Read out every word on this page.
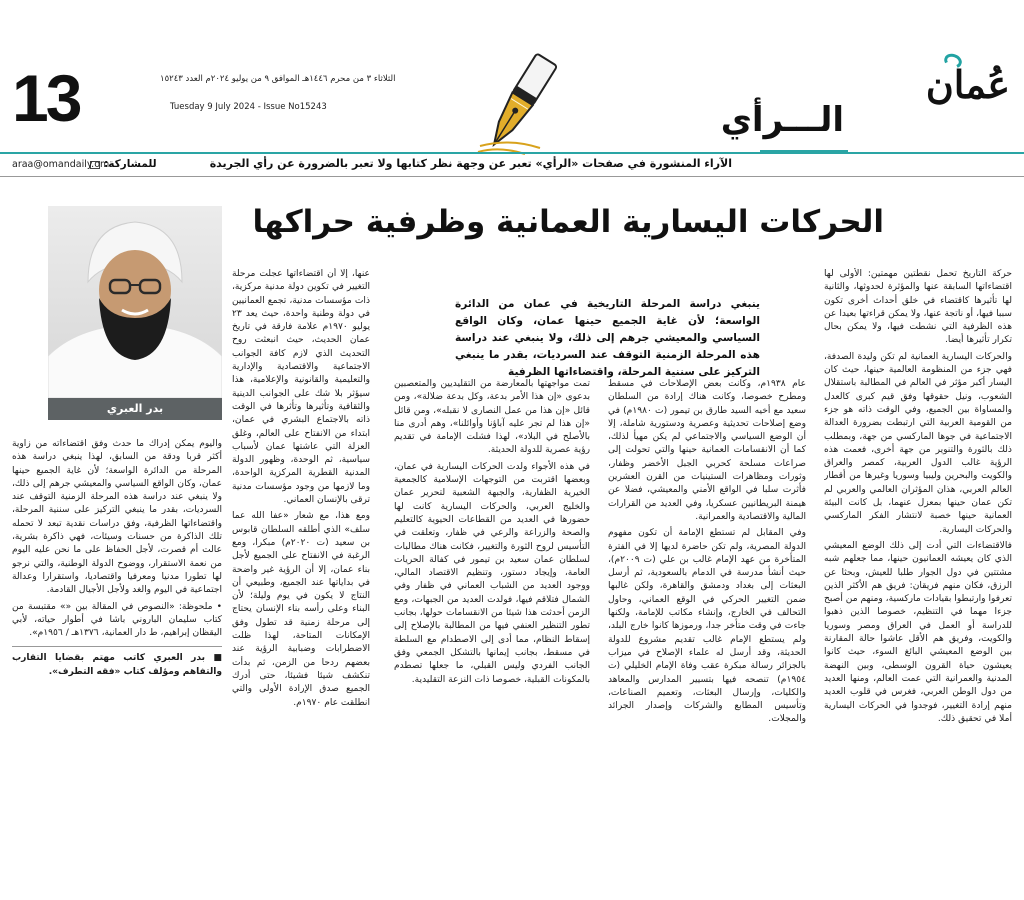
عُمان
الـــرأي
الثلاثاء ٣ من محرم ١٤٤٦هـ الموافق ٩ من يوليو ٢٠٢٤م العدد ١٥٢٤٣
Tuesday 9 July 2024 - Issue No15243
13
الآراء المنشورة في صفحات «الرأي» تعبر عن وجهة نظر كتابها ولا تعبر بالضرورة عن رأي الجريدة
للمشاركة:
araa@omandaily.om
الحركات اليسارية العمانية وظرفية حراكها
بدر العبري
ينبغي دراسة المرحلة التاريخية في عمان من الدائرة الواسعة؛ لأن غاية الجميع حينها عمان، وكان الواقع السياسي والمعيشي جرهم إلى ذلك، ولا ينبغي عند دراسة هذه المرحلة الزمنية التوقف عند السرديات، بقدر ما ينبغي التركيز على سننية المرحلة، واقتضاءاتها الظرفية

حركة التاريخ تحمل نقطتين مهمتين: الأولى لها اقتضاءاتها السابقة عنها والمؤثرة لحدوثها، والثانية لها تأثيرها كاقتضاء في خلق أحداث أخرى تكون سببا فيها، أو ناتجة عنها، ولا يمكن قراءتها بعيدا عن هذه الظرفية التي نشطت فيها، ولا يمكن بحال تكرار تأثيرها أيضا.

والحركات اليسارية العمانية لم تكن وليدة الصدفة، فهي جزء من المنظومة العالمية حينها، حيث كان اليسار أكبر مؤثر في العالم في المطالبة باستقلال الشعوب، ونيل حقوقها وفق قيم كبرى كالعدل والمساواة بين الجميع، وفي الوقت ذاته هو جزء من القومية العربية التي ارتبطت بضرورة العدالة الاجتماعية في جوها الماركسي من جهة، وبمطلب ذلك بالثورة والتنوير من جهة أخرى، فعمت هذه الرؤية غالب الدول العربية، كمصر والعراق والكويت والبحرين وليبيا وسوريا وغيرها من أقطار العالم العربي، هذان المؤثران العالمي والعربي لم تكن عمان حينها بمعزل عنهما، بل كانت البيئة العمانية حينها خصبة لانتشار الفكر الماركسي والحركات اليسارية.

فالاقتضاءات التي أدت إلى ذلك الوضع المعيشي الذي كان يعيشه العمانيون حينها، مما جعلهم شبه مشتتين في دول الجوار طلبا للعيش، وبحثا عن الرزق، فكان منهم فريقان: فريق هم الأكثر الذين تعرفوا وارتبطوا بقيادات ماركسية، ومنهم من أصبح جزءا مهما في التنظيم، خصوصا الذين ذهبوا للدراسة أو العمل في العراق ومصر وسوريا والكويت، وفريق هم الأقل عاشوا حالة المقارنة بين الوضع المعيشي البائغ السوء، حيث كانوا يعيشون حياة القرون الوسطى، وبين النهضة المدنية والعمرانية التي عمت العالم، ومنها العديد من دول الوطن العربي، فغرس في قلوب العديد منهم إرادة التغيير، فوجدوا في الحركات اليسارية أملا في تحقيق ذلك.

عام ١٩٣٨م، وكانت بعض الإصلاحات في مسقط ومطرح خصوصا، وكانت هناك إرادة من السلطان سعيد مع أخيه السيد طارق بن تيمور (ت ١٩٨٠م) في وضع إصلاحات تحديثية وعصرية ودستورية شاملة، إلا أن الوضع السياسي والاجتماعي لم يكن مهيأ لذلك، كما أن الانقسامات العمانية حينها والتي تحولت إلى صراعات مسلحة كحربي الجبل الأخضر وظفار، وثورات ومظاهرات الستينيات من القرن العشرين فأثرت سلبا في الواقع الأمني والمعيشي، فضلا عن هيمنة البريطانيين عسكريا، وفي العديد من القرارات المالية والاقتصادية والعمرانية.

وفي المقابل لم تستطع الإمامة أن تكون مفهوم الدولة المصرية، ولم تكن حاضرة لديها إلا في الفترة المتأخرة من عهد الإمام غالب بن علي (ت ٢٠٠٩م)، حيث أنشأ مدرسة في الدمام بالسعودية، ثم أرسل البعثات إلى بغداد ودمشق والقاهرة، ولكن غالبها ضمن التغيير الحركي في الوقع العماني، وحاول التحالف في الخارج، وإنشاء مكاتب للإمامة، ولكنها جاءت في وقت متأخر جدا، ورموزها كانوا خارج البلد، ولم يستطع الإمام غالب تقديم مشروع للدولة الحديثة، وقد أرسل له علماء الإصلاح في ميزاب بالجزائر رسالة مبكرة عقب وفاة الإمام الخليلي (ت ١٩٥٤م) تنصحه فيها بتسيير المدارس والمعاهد والكليات، وإرسال البعثات، وتعميم الصناعات، وتأسيس المطابع والشركات وإصدار الجرائد والمجلات.

تمت مواجهتها بالمعارضة من التقليديين والمتعصبين بدعوى «إن هذا الأمر بدعة، وكل بدعة ضلالة»، ومن قائل «إن هذا من عمل النصارى لا نقبله»، ومن قائل «إن هذا لم تجر عليه آباؤنا وأوائلنا»، وهم أدرى منا بالأصلح في البلاد»، لهذا فشلت الإمامة في تقديم رؤية عصرية للدولة الحديثة.

في هذه الأجواء ولدت الحركات اليسارية في عمان، وبعضها اقتربت من التوجهات الإسلامية كالجمعية الخيرية الظفارية، والجبهة الشعبية لتحرير عمان والخليج العربي، والحركات اليسارية كانت لها حضورها في العديد من القطاعات الحيوية كالتعليم والصحة والزراعة والرعي في ظفار، وتعلقت في التأسيس لروح الثورة والتغيير، فكانت هناك مطالبات لسلطان عمان سعيد بن تيمور في كفالة الحريات العامة، وإيجاد دستور، وتنظيم الاقتصاد المالي، ووجود العديد من الشباب العماني في ظفار وفي الشمال فتلاقم فيها، فولدت العديد من الجبهات، ومع الزمن أحدثت هذا شيئا من الانقسامات حولها، بجانب تطور التنظير العنفي فيها من المطالبة بالإصلاح إلى إسقاط النظام، مما أدى إلى الاصطدام مع السلطة في مسقط، بجانب إيمانها بالتشكل الجمعي وفق الجانب الفردي وليس القبلي، ما جعلها تصطدم بالمكونات القبلية، خصوصا ذات النزعة التقليدية.

عنها، إلا أن اقتضاءاتها عجلت مرحلة التغيير في تكوين دولة مدنية مركزية، ذات مؤسسات مدنية، تجمع العمانيين في دولة وطنية واحدة، حيث يعد ٢٣ يوليو ١٩٧٠م علامة فارقة في تاريخ عمان الحديث، حيث انبعثت روح التحديث الذي لازم كافة الجوانب الاجتماعية والاقتصادية والإدارية والتعليمية والقانونية والإعلامية، هذا سيؤثر بلا شك على الجوانب الدينية والثقافية وتأثيرها وتأثرها في الوقت ذاته بالاجتماع البشري في عمان، ابتداء من الانفتاح على العالم، وغلق العزلة التي عاشتها عمان لأسباب سياسية، ثم الوحدة، وظهور الدولة المدنية القطرية المركزية الواحدة، وما لازمها من وجود مؤسسات مدنية ترقى بالإنسان العماني.

ومع هذا، مع شعار «عفا الله عما سلف» الذي أطلقه السلطان قابوس بن سعيد (ت ٢٠٢٠م) مبكرا، ومع الرغبة في الانفتاح على الجميع لأجل بناء عمان، إلا أن الرؤية غير واضحة في بداياتها عند الجميع، وطبيعي أن النتاج لا يكون في يوم وليلة؛ لأن البناء وعلى رأسه بناء الإنسان يحتاج إلى مرحلة زمنية قد تطول وفق الإمكانات المتاحة، لهذا ظلت الاضطرابات وضبابية الرؤية عند بعضهم ردحا من الزمن، ثم بدأت تنكشف شيئا فشيئا، حتى أدرك الجميع صدق الإرادة الأولى والتي انطلقت عام ١٩٧٠م.

واليوم يمكن إدراك ما حدث وفق اقتضاءاته من زاوية أكثر قربا ودقة من السابق، لهذا ينبغي دراسة هذه المرحلة من الدائرة الواسعة؛ لأن غاية الجميع حينها عمان، وكان الواقع السياسي والمعيشي جرهم إلى ذلك، ولا ينبغي عند دراسة هذه المرحلة الزمنية التوقف عند السرديات، بقدر ما ينبغي التركيز على سننية المرحلة، واقتضاءاتها الظرفية، وفق دراسات نقدية تبعد لا تحمله تلك الذاكرة من حسنات وسيئات، فهي ذاكرة بشرية، عالت أم قصرت، لأجل الحفاظ على ما نحن عليه اليوم من نعمة الاستقرار، ووضوح الدولة الوطنية، والتي نرجو لها تطورا مدنيا ومعرفيا واقتصاديا، واستقرارا وعدالة اجتماعية في اليوم والغد ولأجل الأجيال القادمة.

• ملحوظة: «النصوص في المقالة بين «» مقتبسة من كتاب سليمان الباروني باشا في أطوار حياته، لأبي اليقظان إبراهيم، ط دار العمانية، ١٣٧٦هـ / ١٩٥٦م».

■ بدر العبري كاتب مهتم بقضايا التقارب والتفاهم ومؤلف كتاب «فقه التطرف».
